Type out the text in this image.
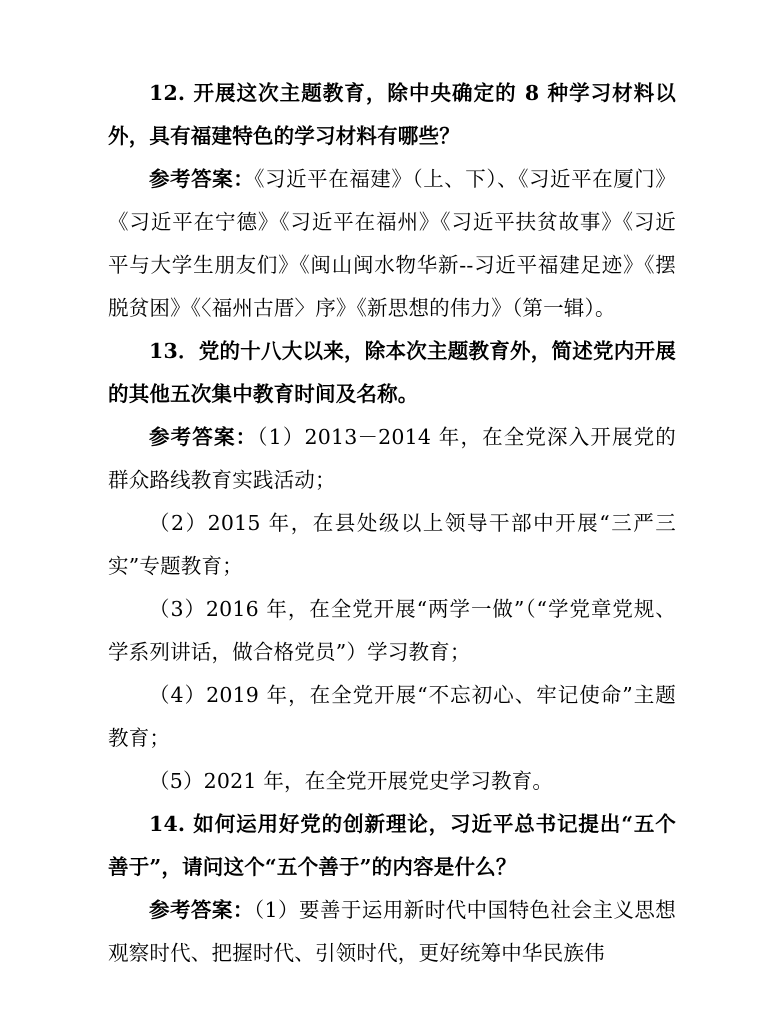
12. 开展这次主题教育，除中央确定的 8 种学习材料以外，具有福建特色的学习材料有哪些？

参考答案：《习近平在福建》（上、下）、《习近平在厦门》《习近平在宁德》《习近平在福州》《习近平扶贫故事》《习近平与大学生朋友们》《闽山闽水物华新--习近平福建足迹》《摆脱贫困》《〈福州古厝〉序》《新思想的伟力》（第一辑）。

13．党的十八大以来，除本次主题教育外，简述党内开展的其他五次集中教育时间及名称。

参考答案：（1）2013－2014 年，在全党深入开展党的群众路线教育实践活动；

（2）2015 年，在县处级以上领导干部中开展“三严三实”专题教育；

（3）2016 年，在全党开展“两学一做”（“学党章党规、学系列讲话，做合格党员”）学习教育；

（4）2019 年，在全党开展“不忘初心、牢记使命”主题教育；

（5）2021 年，在全党开展党史学习教育。

14. 如何运用好党的创新理论，习近平总书记提出“五个善于”，请问这个“五个善于”的内容是什么？

参考答案：（1）要善于运用新时代中国特色社会主义思想观察时代、把握时代、引领时代，更好统筹中华民族伟
